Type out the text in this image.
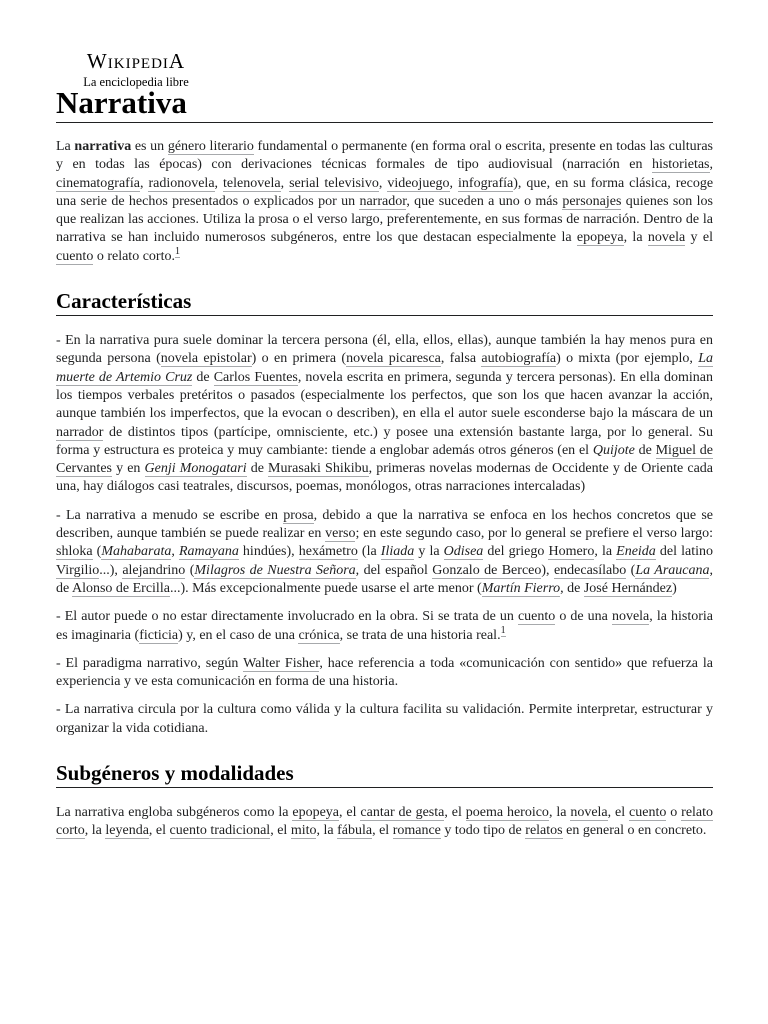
WIKIPEDIA
La enciclopedia libre
Narrativa

La narrativa es un género literario fundamental o permanente (en forma oral o escrita, presente en todas las culturas y en todas las épocas) con derivaciones técnicas formales de tipo audiovisual (narración en historietas, cinematografía, radionovela, telenovela, serial televisivo, videojuego, infografía), que, en su forma clásica, recoge una serie de hechos presentados o explicados por un narrador, que suceden a uno o más personajes quienes son los que realizan las acciones. Utiliza la prosa o el verso largo, preferentemente, en sus formas de narración. Dentro de la narrativa se han incluido numerosos subgéneros, entre los que destacan especialmente la epopeya, la novela y el cuento o relato corto.$^1$

Características

- En la narrativa pura suele dominar la tercera persona (él, ella, ellos, ellas), aunque también la hay menos pura en segunda persona (novela epistolar) o en primera (novela picaresca, falsa autobiografía) o mixta (por ejemplo, La muerte de Artemio Cruz de Carlos Fuentes, novela escrita en primera, segunda y tercera personas). En ella dominan los tiempos verbales pretéritos o pasados (especialmente los perfectos, que son los que hacen avanzar la acción, aunque también los imperfectos, que la evocan o describen), en ella el autor suele esconderse bajo la máscara de un narrador de distintos tipos (partícipe, omnisciente, etc.) y posee una extensión bastante larga, por lo general. Su forma y estructura es proteica y muy cambiante: tiende a englobar además otros géneros (en el Quijote de Miguel de Cervantes y en Genji Monogatari de Murasaki Shikibu, primeras novelas modernas de Occidente y de Oriente cada una, hay diálogos casi teatrales, discursos, poemas, monólogos, otras narraciones intercaladas)

- La narrativa a menudo se escribe en prosa, debido a que la narrativa se enfoca en los hechos concretos que se describen, aunque también se puede realizar en verso; en este segundo caso, por lo general se prefiere el verso largo: shloka (Mahabarata, Ramayana hindúes), hexámetro (la Iliada y la Odisea del griego Homero, la Eneida del latino Virgilio...), alejandrino (Milagros de Nuestra Señora, del español Gonzalo de Berceo), endecasílabo (La Araucana, de Alonso de Ercilla...). Más excepcionalmente puede usarse el arte menor (Martín Fierro, de José Hernández)

- El autor puede o no estar directamente involucrado en la obra. Si se trata de un cuento o de una novela, la historia es imaginaria (ficticia) y, en el caso de una crónica, se trata de una historia real.$^1$

- El paradigma narrativo, según Walter Fisher, hace referencia a toda «comunicación con sentido» que refuerza la experiencia y ve esta comunicación en forma de una historia.

- La narrativa circula por la cultura como válida y la cultura facilita su validación. Permite interpretar, estructurar y organizar la vida cotidiana.

Subgéneros y modalidades

La narrativa engloba subgéneros como la epopeya, el cantar de gesta, el poema heroico, la novela, el cuento o relato corto, la leyenda, el cuento tradicional, el mito, la fábula, el romance y todo tipo de relatos en general o en concreto.
